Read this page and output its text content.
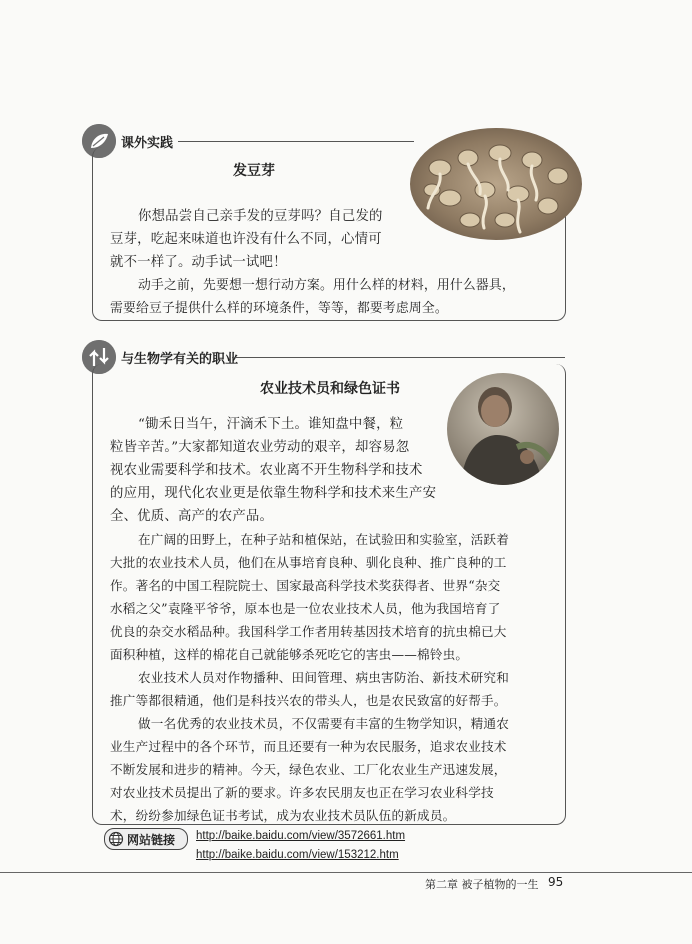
课外实践
发豆芽
你想品尝自己亲手发的豆芽吗？自己发的
豆芽，吃起来味道也许没有什么不同，心情可
就不一样了。动手试一试吧！
动手之前，先要想一想行动方案。用什么样的材料，用什么器具，
需要给豆子提供什么样的环境条件，等等，都要考虑周全。
与生物学有关的职业
农业技术员和绿色证书
“锄禾日当午，汗滴禾下土。谁知盘中餐，粒
粒皆辛苦。”大家都知道农业劳动的艰辛，却容易忽
视农业需要科学和技术。农业离不开生物科学和技术
的应用，现代化农业更是依靠生物科学和技术来生产安
全、优质、高产的农产品。
在广阔的田野上，在种子站和植保站，在试验田和实验室，活跃着
大批的农业技术人员，他们在从事培育良种、驯化良种、推广良种的工
作。著名的中国工程院院士、国家最高科学技术奖获得者、世界“杂交
水稻之父”袁隆平爷爷，原本也是一位农业技术人员，他为我国培育了
优良的杂交水稻品种。我国科学工作者用转基因技术培育的抗虫棉已大
面积种植，这样的棉花自己就能够杀死吃它的害虫——棉铃虫。
农业技术人员对作物播种、田间管理、病虫害防治、新技术研究和
推广等都很精通，他们是科技兴农的带头人，也是农民致富的好帮手。
做一名优秀的农业技术员，不仅需要有丰富的生物学知识，精通农
业生产过程中的各个环节，而且还要有一种为农民服务，追求农业技术
不断发展和进步的精神。今天，绿色农业、工厂化农业生产迅速发展，
对农业技术员提出了新的要求。许多农民朋友也正在学习农业科学技
术，纷纷参加绿色证书考试，成为农业技术员队伍的新成员。
网站链接 http://baike.baidu.com/view/3572661.htm
http://baike.baidu.com/view/153212.htm
第二章 被子植物的一生 95
